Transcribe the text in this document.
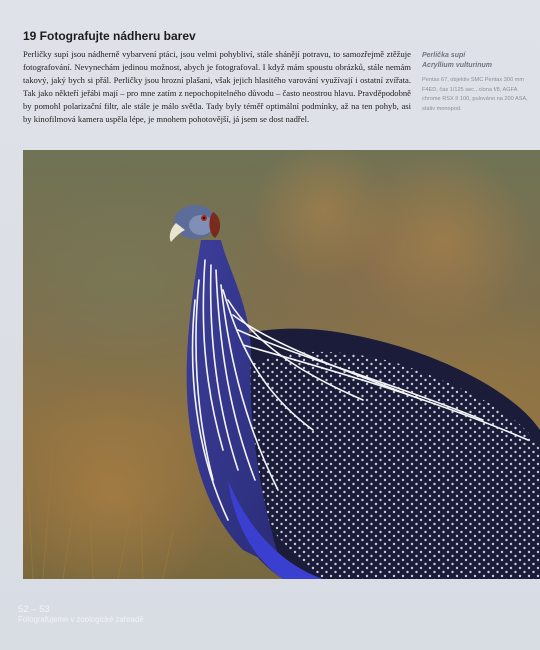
19 Fotografujte nádheru barev

Perličky supí jsou nádherně vybarvení ptáci, jsou velmi pohybliví, stále shánějí potravu, to samozřejmě ztěžuje fotografování. Nevynechám jedinou možnost, abych je fotografoval. I když mám spoustu obrázků, stále nemám takový, jaký bych si přál. Perličky jsou hrozní plašani, však jejich hlasitého varování využívají i ostatní zvířata. Tak jako někteří jeřábi mají – pro mne zatím z nepochopitelného důvodu – často neostrou hlavu. Pravděpodobně by pomohl polarizační filtr, ale stále je málo světla. Tady byly téměř optimální podmínky, až na ten pohyb, asi by kinofilmová kamera uspěla lépe, je mnohem pohotovější, já jsem se dost nadřel.

Perlička supí
Acryllium vulturinum
Pentax 67, objektiv SMC Pentax 300 mm F4ED, čas 1/125 sec., clona f/8, AGFA chrome RSX II 100, pulováno na 200 ASA, stativ monopod.
52 – 53
Fotografujeme v zoologické zahradě
